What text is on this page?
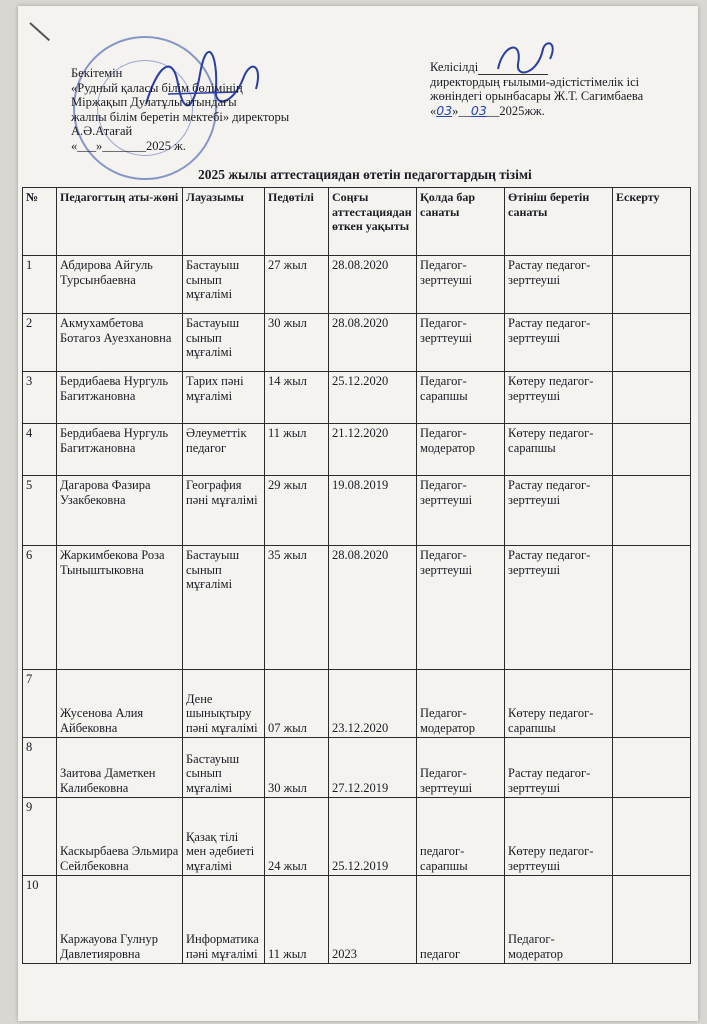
Бекітемін
«Рудный қаласы білім бөлімінің
Міржақып Дулатұлы атындағы
жалпы білім беретін мектебі» директоры
А.Ә.Атағай
«___»_______2025 ж.
Келісілді
директордың ғылыми-әдістістімелік ісі
жөніндегі орынбасары Ж.Т. Сагимбаева
«03»__03__2025жж.
2025 жылы аттестациядан өтетін педагогтардың тізімі
№	Педагогтың аты-жөні	Лауазымы	Педөтілі	Соңғы аттестациядан өткен уақыты	Қолда бар санаты	Өтініш беретін санаты	Ескерту
1	Абдирова Айгуль Турсынбаевна	Бастауыш сынып мұғалімі	27 жыл	28.08.2020	Педагог-зерттеуші	Растау педагог-зерттеуші	
2	Акмухамбетова Ботагоз Ауезхановна	Бастауыш сынып мұғалімі	30 жыл	28.08.2020	Педагог-зерттеуші	Растау педагог-зерттеуші	
3	Бердибаева Нургуль Багитжановна	Тарих пәні мұғалімі	14 жыл	25.12.2020	Педагог-сарапшы	Көтеру педагог-зерттеуші	
4	Бердибаева Нургуль Багитжановна	Әлеуметтік педагог	11 жыл	21.12.2020	Педагог-модератор	Көтеру педагог-сарапшы	
5	Дагарова Фазира Узакбековна	География пәні мұғалімі	29 жыл	19.08.2019	Педагог-зерттеуші	Растау педагог-зерттеуші	
6	Жаркимбекова Роза Тыныштыковна	Бастауыш сынып мұғалімі	35 жыл	28.08.2020	Педагог-зерттеуші	Растау педагог-зерттеуші	
7	Жусенова Алия Айбековна	Дене шынықтыру пәні мұғалімі	07 жыл	23.12.2020	Педагог-модератор	Көтеру педагог-сарапшы	
8	Заитова Даметкен Калибековна	Бастауыш сынып мұғалімі	30 жыл	27.12.2019	Педагог-зерттеуші	Растау педагог-зерттеуші	
9	Каскырбаева Эльмира Сейлбековна	Қазақ тілі мен әдебиеті мұғалімі	24 жыл	25.12.2019	педагог-сарапшы	Көтеру педагог-зерттеуші	
10	Каржауова Гулнур Давлетияровна	Информатика пәні мұғалімі	11 жыл	2023	педагог	Педагог-модератор	
